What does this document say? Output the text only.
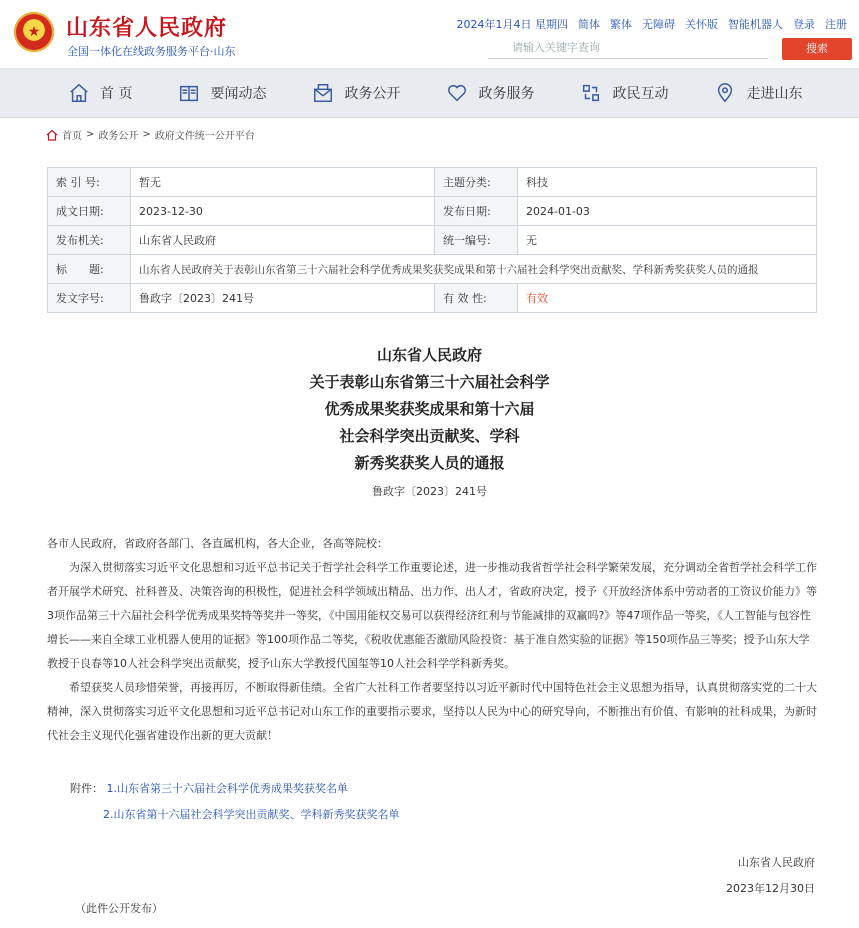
★	山东省人民政府
全国一体化在线政务服务平台·山东
2024年1月4日 星期四 简体 繁体 无障碍 关怀版 智能机器人 登录 注册
请输入关键字查询	搜索
首 页	要闻动态	政务公开	政务服务	政民互动	走进山东
首页 > 政务公开 > 政府文件统一公开平台
索 引 号:	暂无	主题分类:	科技
成文日期:	2023-12-30	发布日期:	2024-01-03
发布机关:	山东省人民政府	统一编号:	无
标　　题:	山东省人民政府关于表彰山东省第三十六届社会科学优秀成果奖获奖成果和第十六届社会科学突出贡献奖、学科新秀奖获奖人员的通报		
发文字号:	鲁政字〔2023〕241号	有 效 性:	有效
山东省人民政府
关于表彰山东省第三十六届社会科学
优秀成果奖获奖成果和第十六届
社会科学突出贡献奖、学科
新秀奖获奖人员的通报
鲁政字〔2023〕241号

各市人民政府，省政府各部门、各直属机构，各大企业，各高等院校：

为深入贯彻落实习近平文化思想和习近平总书记关于哲学社会科学工作重要论述，进一步推动我省哲学社会科学繁荣发展，充分调动全省哲学社会科学工作者开展学术研究、社科普及、决策咨询的积极性，促进社会科学领域出精品、出力作、出人才，省政府决定，授予《开放经济体系中劳动者的工资议价能力》等3项作品第三十六届社会科学优秀成果奖特等奖并一等奖，《中国用能权交易可以获得经济红利与节能减排的双赢吗?》等47项作品一等奖，《人工智能与包容性增长——来自全球工业机器人使用的证据》等100项作品二等奖，《税收优惠能否激励风险投资：基于准自然实验的证据》等150项作品三等奖；授予山东大学教授于良春等10人社会科学突出贡献奖，授予山东大学教授代国玺等10人社会科学学科新秀奖。

希望获奖人员珍惜荣誉，再接再厉，不断取得新佳绩。全省广大社科工作者要坚持以习近平新时代中国特色社会主义思想为指导，认真贯彻落实党的二十大精神，深入贯彻落实习近平文化思想和习近平总书记对山东工作的重要指示要求，坚持以人民为中心的研究导向，不断推出有价值、有影响的社科成果，为新时代社会主义现代化强省建设作出新的更大贡献！

附件： 1.山东省第三十六届社会科学优秀成果奖获奖名单
2.山东省第十六届社会科学突出贡献奖、学科新秀奖获奖名单
山东省人民政府
2023年12月30日
（此件公开发布）
